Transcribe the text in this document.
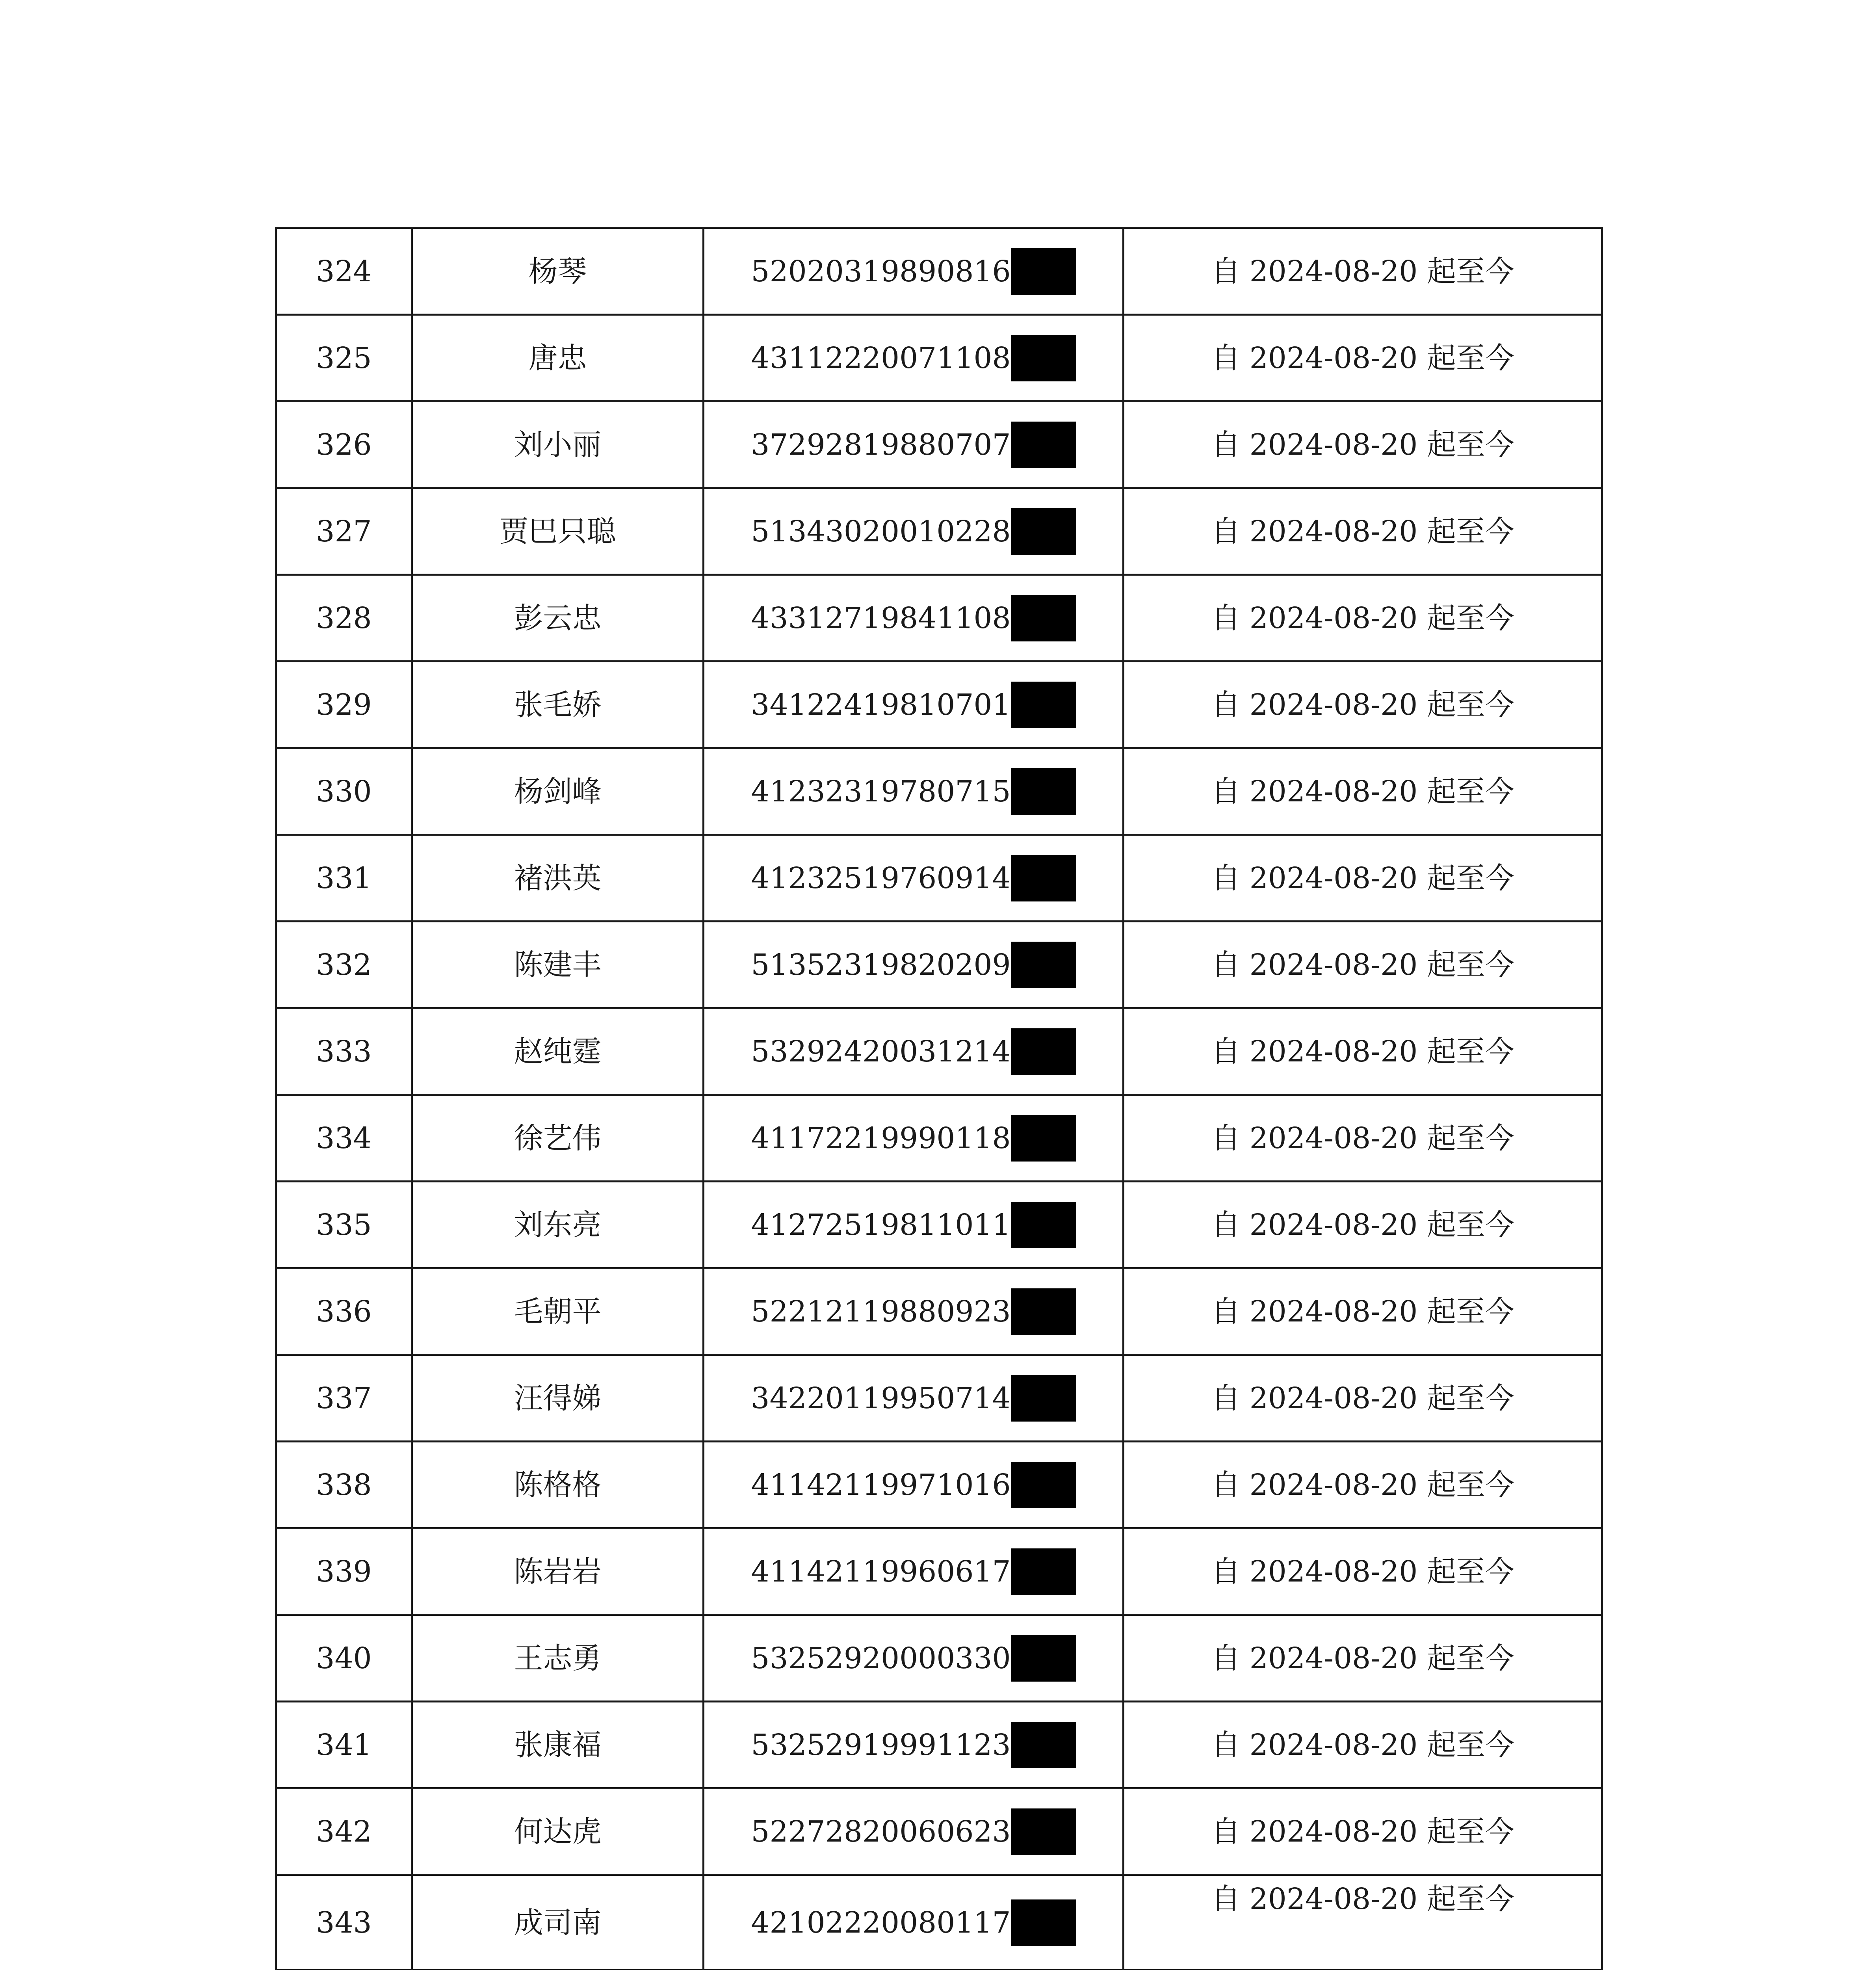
324	杨琴	52020319890816	自 2024-08-20 起至今
325	唐忠	43112220071108	自 2024-08-20 起至今
326	刘小丽	37292819880707	自 2024-08-20 起至今
327	贾巴只聪	51343020010228	自 2024-08-20 起至今
328	彭云忠	43312719841108	自 2024-08-20 起至今
329	张毛娇	34122419810701	自 2024-08-20 起至今
330	杨剑峰	41232319780715	自 2024-08-20 起至今
331	褚洪英	41232519760914	自 2024-08-20 起至今
332	陈建丰	51352319820209	自 2024-08-20 起至今
333	赵纯霆	53292420031214	自 2024-08-20 起至今
334	徐艺伟	41172219990118	自 2024-08-20 起至今
335	刘东亮	41272519811011	自 2024-08-20 起至今
336	毛朝平	52212119880923	自 2024-08-20 起至今
337	汪得娣	34220119950714	自 2024-08-20 起至今
338	陈格格	41142119971016	自 2024-08-20 起至今
339	陈岩岩	41142119960617	自 2024-08-20 起至今
340	王志勇	53252920000330	自 2024-08-20 起至今
341	张康福	53252919991123	自 2024-08-20 起至今
342	何达虎	52272820060623	自 2024-08-20 起至今
343	成司南	42102220080117	自 2024-08-20 起至今
